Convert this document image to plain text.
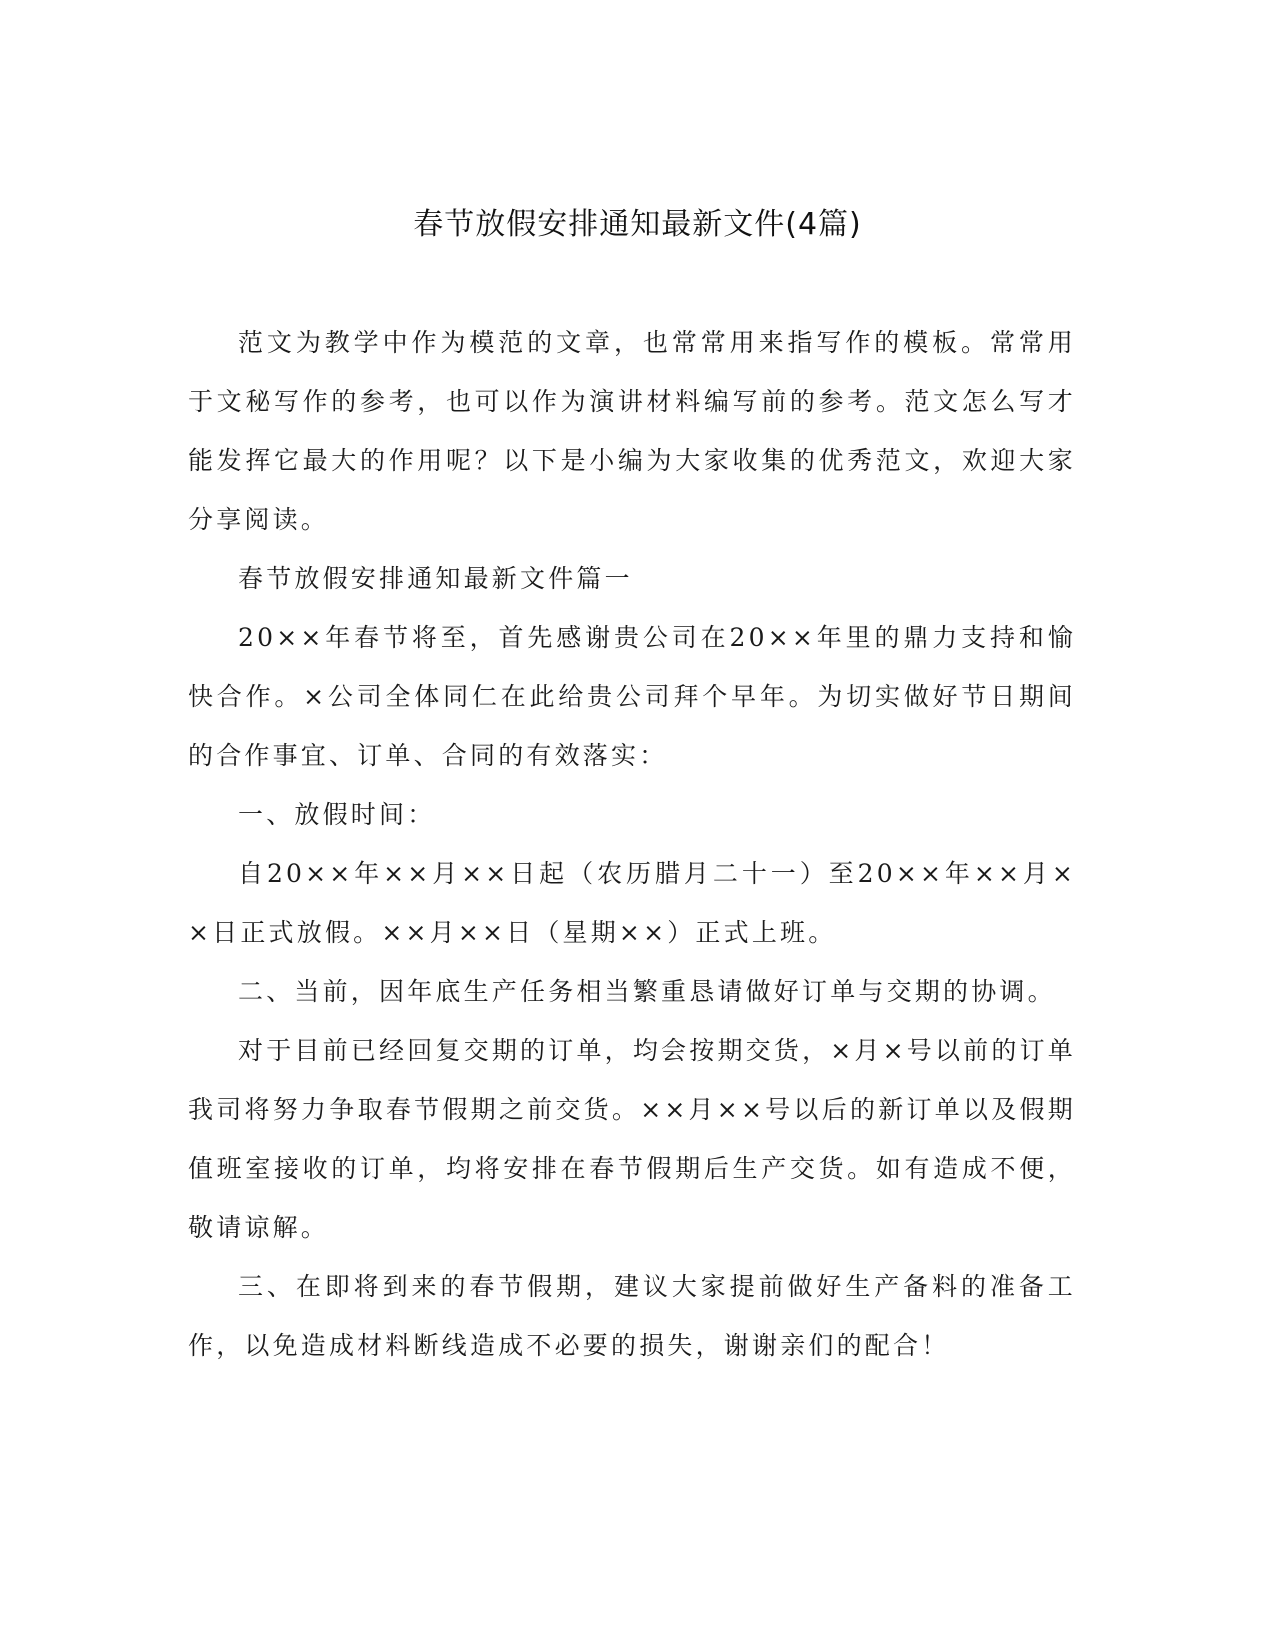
春节放假安排通知最新文件(4篇)

范文为教学中作为模范的文章，也常常用来指写作的模板。常常用于文秘写作的参考，也可以作为演讲材料编写前的参考。范文怎么写才能发挥它最大的作用呢？以下是小编为大家收集的优秀范文，欢迎大家分享阅读。

春节放假安排通知最新文件篇一

20××年春节将至，首先感谢贵公司在20××年里的鼎力支持和愉快合作。×公司全体同仁在此给贵公司拜个早年。为切实做好节日期间的合作事宜、订单、合同的有效落实：

一、放假时间：

自20××年××月××日起（农历腊月二十一）至20××年××月××日正式放假。××月××日（星期××）正式上班。

二、当前，因年底生产任务相当繁重恳请做好订单与交期的协调。

对于目前已经回复交期的订单，均会按期交货，×月×号以前的订单我司将努力争取春节假期之前交货。××月××号以后的新订单以及假期值班室接收的订单，均将安排在春节假期后生产交货。如有造成不便，敬请谅解。

三、在即将到来的春节假期，建议大家提前做好生产备料的准备工作，以免造成材料断线造成不必要的损失，谢谢亲们的配合！
